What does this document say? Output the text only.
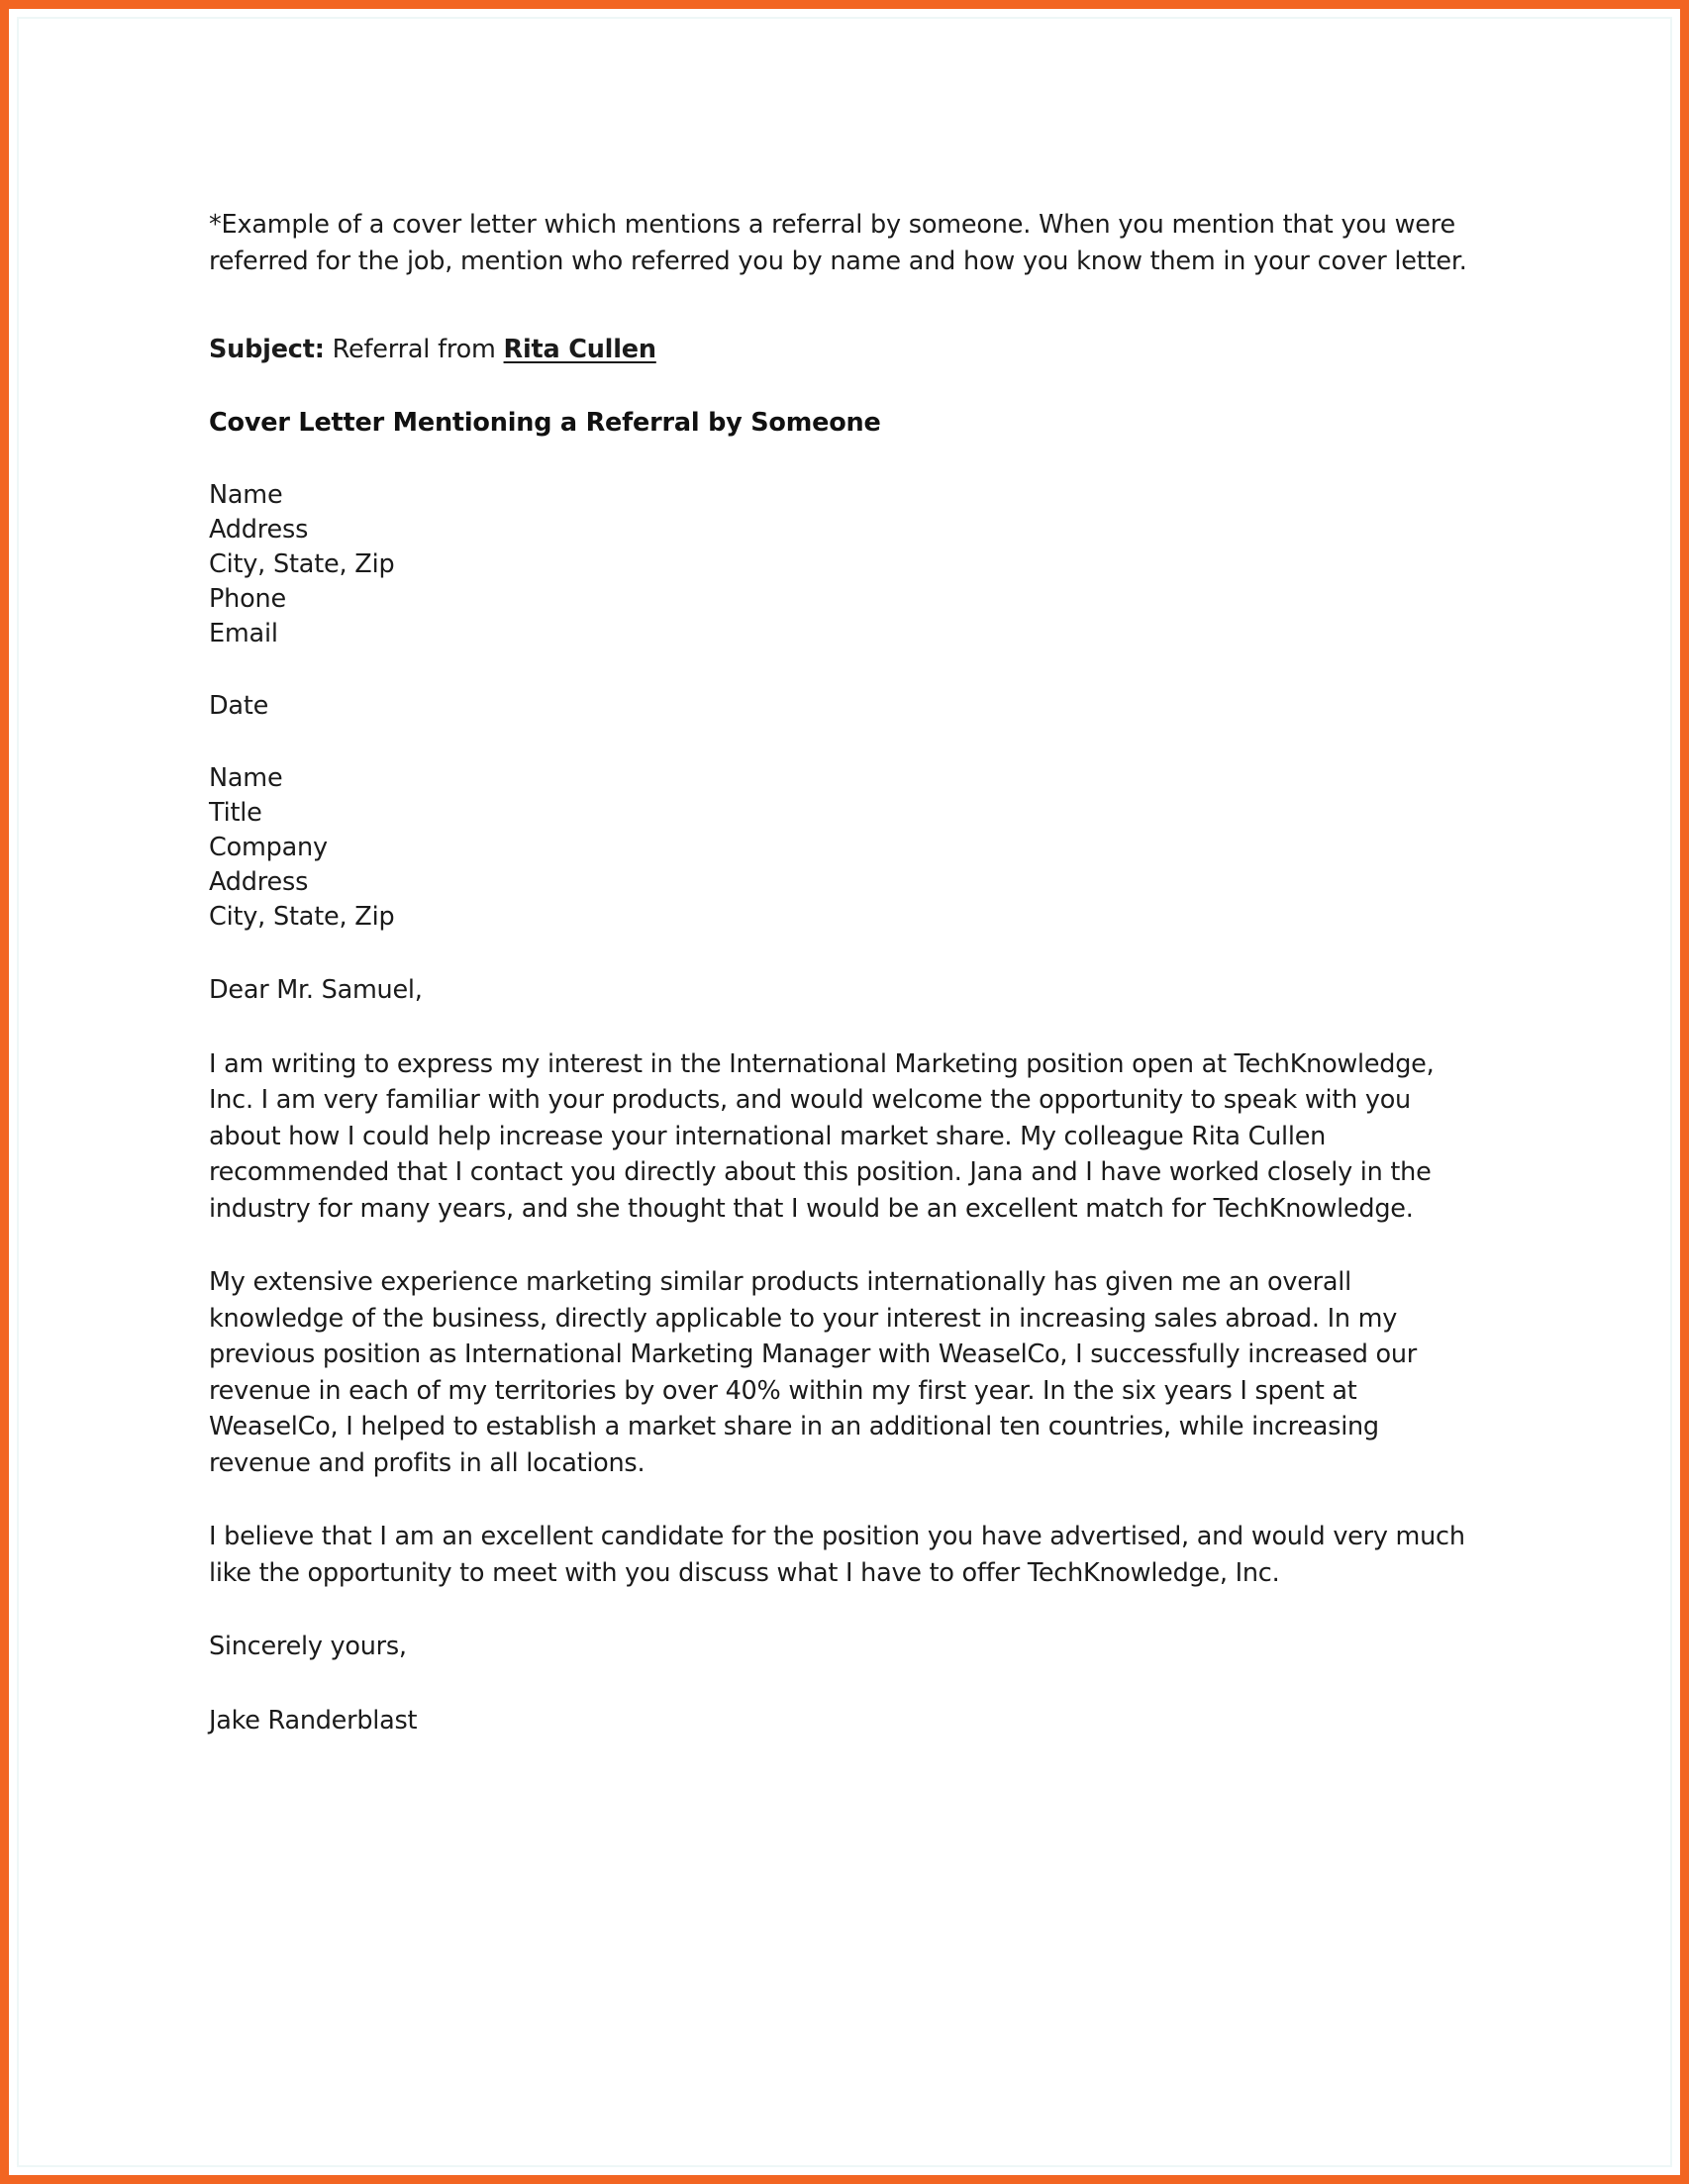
*Example of a cover letter which mentions a referral by someone. When you mention that you were referred for the job, mention who referred you by name and how you know them in your cover letter.

Subject: Referral from Rita Cullen

Cover Letter Mentioning a Referral by Someone

Name

Address

City, State, Zip

Phone

Email

Date

Name

Title

Company

Address

City, State, Zip

Dear Mr. Samuel,

I am writing to express my interest in the International Marketing position open at TechKnowledge, Inc. I am very familiar with your products, and would welcome the opportunity to speak with you about how I could help increase your international market share. My colleague Rita Cullen recommended that I contact you directly about this position. Jana and I have worked closely in the industry for many years, and she thought that I would be an excellent match for TechKnowledge.

My extensive experience marketing similar products internationally has given me an overall knowledge of the business, directly applicable to your interest in increasing sales abroad. In my previous position as International Marketing Manager with WeaselCo, I successfully increased our revenue in each of my territories by over 40% within my first year. In the six years I spent at WeaselCo, I helped to establish a market share in an additional ten countries, while increasing revenue and profits in all locations.

I believe that I am an excellent candidate for the position you have advertised, and would very much like the opportunity to meet with you discuss what I have to offer TechKnowledge, Inc.

Sincerely yours,

Jake Randerblast
